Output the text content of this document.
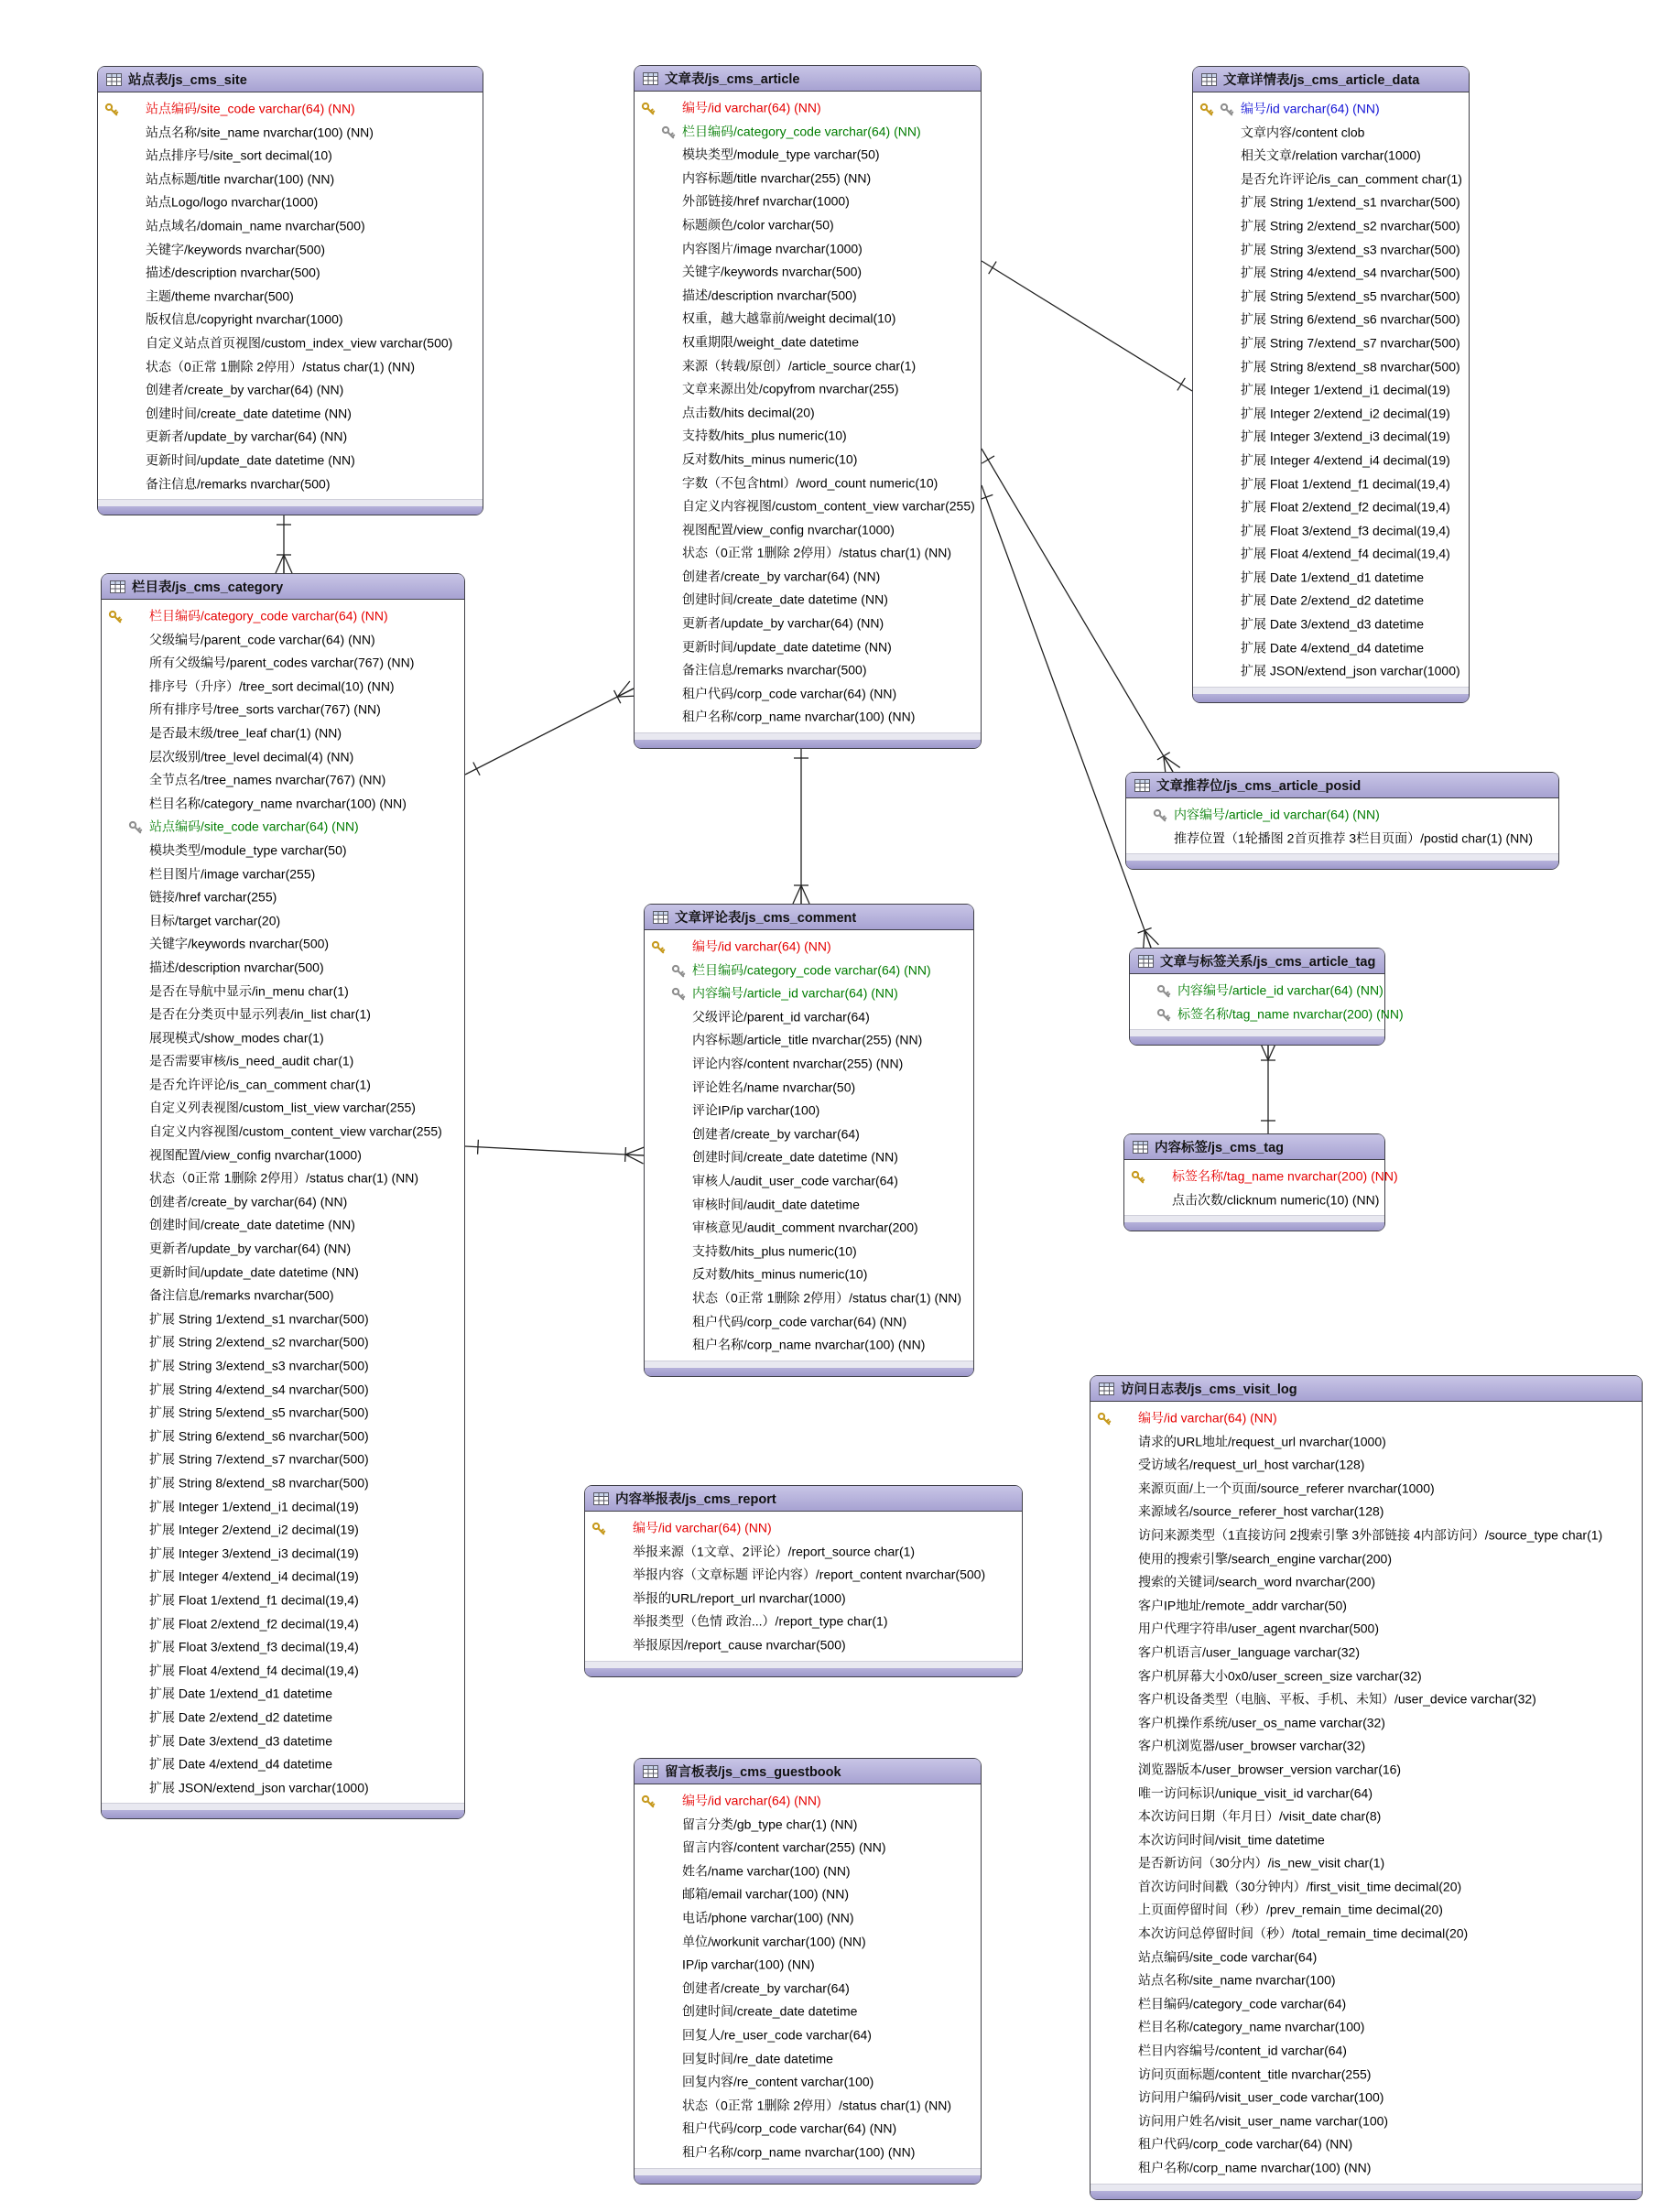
站点表/js_cms_site
站点编码/site_code varchar(64) (NN)
站点名称/site_name nvarchar(100) (NN)
站点排序号/site_sort decimal(10)
站点标题/title nvarchar(100) (NN)
站点Logo/logo nvarchar(1000)
站点域名/domain_name nvarchar(500)
关键字/keywords nvarchar(500)
描述/description nvarchar(500)
主题/theme nvarchar(500)
版权信息/copyright nvarchar(1000)
自定义站点首页视图/custom_index_view varchar(500)
状态（0正常 1删除 2停用）/status char(1) (NN)
创建者/create_by varchar(64) (NN)
创建时间/create_date datetime (NN)
更新者/update_by varchar(64) (NN)
更新时间/update_date datetime (NN)
备注信息/remarks nvarchar(500)
文章表/js_cms_article
编号/id varchar(64) (NN)
栏目编码/category_code varchar(64) (NN)
模块类型/module_type varchar(50)
内容标题/title nvarchar(255) (NN)
外部链接/href nvarchar(1000)
标题颜色/color varchar(50)
内容图片/image nvarchar(1000)
关键字/keywords nvarchar(500)
描述/description nvarchar(500)
权重，越大越靠前/weight decimal(10)
权重期限/weight_date datetime
来源（转载/原创）/article_source char(1)
文章来源出处/copyfrom nvarchar(255)
点击数/hits decimal(20)
支持数/hits_plus numeric(10)
反对数/hits_minus numeric(10)
字数（不包含html）/word_count numeric(10)
自定义内容视图/custom_content_view varchar(255)
视图配置/view_config nvarchar(1000)
状态（0正常 1删除 2停用）/status char(1) (NN)
创建者/create_by varchar(64) (NN)
创建时间/create_date datetime (NN)
更新者/update_by varchar(64) (NN)
更新时间/update_date datetime (NN)
备注信息/remarks nvarchar(500)
租户代码/corp_code varchar(64) (NN)
租户名称/corp_name nvarchar(100) (NN)
文章详情表/js_cms_article_data
编号/id varchar(64) (NN)
文章内容/content clob
相关文章/relation varchar(1000)
是否允许评论/is_can_comment char(1)
扩展 String 1/extend_s1 nvarchar(500)
扩展 String 2/extend_s2 nvarchar(500)
扩展 String 3/extend_s3 nvarchar(500)
扩展 String 4/extend_s4 nvarchar(500)
扩展 String 5/extend_s5 nvarchar(500)
扩展 String 6/extend_s6 nvarchar(500)
扩展 String 7/extend_s7 nvarchar(500)
扩展 String 8/extend_s8 nvarchar(500)
扩展 Integer 1/extend_i1 decimal(19)
扩展 Integer 2/extend_i2 decimal(19)
扩展 Integer 3/extend_i3 decimal(19)
扩展 Integer 4/extend_i4 decimal(19)
扩展 Float 1/extend_f1 decimal(19,4)
扩展 Float 2/extend_f2 decimal(19,4)
扩展 Float 3/extend_f3 decimal(19,4)
扩展 Float 4/extend_f4 decimal(19,4)
扩展 Date 1/extend_d1 datetime
扩展 Date 2/extend_d2 datetime
扩展 Date 3/extend_d3 datetime
扩展 Date 4/extend_d4 datetime
扩展 JSON/extend_json varchar(1000)
栏目表/js_cms_category
栏目编码/category_code varchar(64) (NN)
父级编号/parent_code varchar(64) (NN)
所有父级编号/parent_codes varchar(767) (NN)
排序号（升序）/tree_sort decimal(10) (NN)
所有排序号/tree_sorts varchar(767) (NN)
是否最末级/tree_leaf char(1) (NN)
层次级别/tree_level decimal(4) (NN)
全节点名/tree_names nvarchar(767) (NN)
栏目名称/category_name nvarchar(100) (NN)
站点编码/site_code varchar(64) (NN)
模块类型/module_type varchar(50)
栏目图片/image varchar(255)
链接/href varchar(255)
目标/target varchar(20)
关键字/keywords nvarchar(500)
描述/description nvarchar(500)
是否在导航中显示/in_menu char(1)
是否在分类页中显示列表/in_list char(1)
展现模式/show_modes char(1)
是否需要审核/is_need_audit char(1)
是否允许评论/is_can_comment char(1)
自定义列表视图/custom_list_view varchar(255)
自定义内容视图/custom_content_view varchar(255)
视图配置/view_config nvarchar(1000)
状态（0正常 1删除 2停用）/status char(1) (NN)
创建者/create_by varchar(64) (NN)
创建时间/create_date datetime (NN)
更新者/update_by varchar(64) (NN)
更新时间/update_date datetime (NN)
备注信息/remarks nvarchar(500)
扩展 String 1/extend_s1 nvarchar(500)
扩展 String 2/extend_s2 nvarchar(500)
扩展 String 3/extend_s3 nvarchar(500)
扩展 String 4/extend_s4 nvarchar(500)
扩展 String 5/extend_s5 nvarchar(500)
扩展 String 6/extend_s6 nvarchar(500)
扩展 String 7/extend_s7 nvarchar(500)
扩展 String 8/extend_s8 nvarchar(500)
扩展 Integer 1/extend_i1 decimal(19)
扩展 Integer 2/extend_i2 decimal(19)
扩展 Integer 3/extend_i3 decimal(19)
扩展 Integer 4/extend_i4 decimal(19)
扩展 Float 1/extend_f1 decimal(19,4)
扩展 Float 2/extend_f2 decimal(19,4)
扩展 Float 3/extend_f3 decimal(19,4)
扩展 Float 4/extend_f4 decimal(19,4)
扩展 Date 1/extend_d1 datetime
扩展 Date 2/extend_d2 datetime
扩展 Date 3/extend_d3 datetime
扩展 Date 4/extend_d4 datetime
扩展 JSON/extend_json varchar(1000)
文章评论表/js_cms_comment
编号/id varchar(64) (NN)
栏目编码/category_code varchar(64) (NN)
内容编号/article_id varchar(64) (NN)
父级评论/parent_id varchar(64)
内容标题/article_title nvarchar(255) (NN)
评论内容/content nvarchar(255) (NN)
评论姓名/name nvarchar(50)
评论IP/ip varchar(100)
创建者/create_by varchar(64)
创建时间/create_date datetime (NN)
审核人/audit_user_code varchar(64)
审核时间/audit_date datetime
审核意见/audit_comment nvarchar(200)
支持数/hits_plus numeric(10)
反对数/hits_minus numeric(10)
状态（0正常 1删除 2停用）/status char(1) (NN)
租户代码/corp_code varchar(64) (NN)
租户名称/corp_name nvarchar(100) (NN)
文章推荐位/js_cms_article_posid
内容编号/article_id varchar(64) (NN)
推荐位置（1轮播图 2首页推荐 3栏目页面）/postid char(1) (NN)
文章与标签关系/js_cms_article_tag
内容编号/article_id varchar(64) (NN)
标签名称/tag_name nvarchar(200) (NN)
内容标签/js_cms_tag
标签名称/tag_name nvarchar(200) (NN)
点击次数/clicknum numeric(10) (NN)
内容举报表/js_cms_report
编号/id varchar(64) (NN)
举报来源（1文章、2评论）/report_source char(1)
举报内容（文章标题 评论内容）/report_content nvarchar(500)
举报的URL/report_url nvarchar(1000)
举报类型（色情 政治...）/report_type char(1)
举报原因/report_cause nvarchar(500)
留言板表/js_cms_guestbook
编号/id varchar(64) (NN)
留言分类/gb_type char(1) (NN)
留言内容/content varchar(255) (NN)
姓名/name varchar(100) (NN)
邮箱/email varchar(100) (NN)
电话/phone varchar(100) (NN)
单位/workunit varchar(100) (NN)
IP/ip varchar(100) (NN)
创建者/create_by varchar(64)
创建时间/create_date datetime
回复人/re_user_code varchar(64)
回复时间/re_date datetime
回复内容/re_content varchar(100)
状态（0正常 1删除 2停用）/status char(1) (NN)
租户代码/corp_code varchar(64) (NN)
租户名称/corp_name nvarchar(100) (NN)
访问日志表/js_cms_visit_log
编号/id varchar(64) (NN)
请求的URL地址/request_url nvarchar(1000)
受访域名/request_url_host varchar(128)
来源页面/上一个页面/source_referer nvarchar(1000)
来源域名/source_referer_host varchar(128)
访问来源类型（1直接访问 2搜索引擎 3外部链接 4内部访问）/source_type char(1)
使用的搜索引擎/search_engine varchar(200)
搜索的关键词/search_word nvarchar(200)
客户IP地址/remote_addr varchar(50)
用户代理字符串/user_agent nvarchar(500)
客户机语言/user_language varchar(32)
客户机屏幕大小0x0/user_screen_size varchar(32)
客户机设备类型（电脑、平板、手机、未知）/user_device varchar(32)
客户机操作系统/user_os_name varchar(32)
客户机浏览器/user_browser varchar(32)
浏览器版本/user_browser_version varchar(16)
唯一访问标识/unique_visit_id varchar(64)
本次访问日期（年月日）/visit_date char(8)
本次访问时间/visit_time datetime
是否新访问（30分内）/is_new_visit char(1)
首次访问时间戳（30分钟内）/first_visit_time decimal(20)
上页面停留时间（秒）/prev_remain_time decimal(20)
本次访问总停留时间（秒）/total_remain_time decimal(20)
站点编码/site_code varchar(64)
站点名称/site_name nvarchar(100)
栏目编码/category_code varchar(64)
栏目名称/category_name nvarchar(100)
栏目内容编号/content_id varchar(64)
访问页面标题/content_title nvarchar(255)
访问用户编码/visit_user_code varchar(100)
访问用户姓名/visit_user_name varchar(100)
租户代码/corp_code varchar(64) (NN)
租户名称/corp_name nvarchar(100) (NN)
